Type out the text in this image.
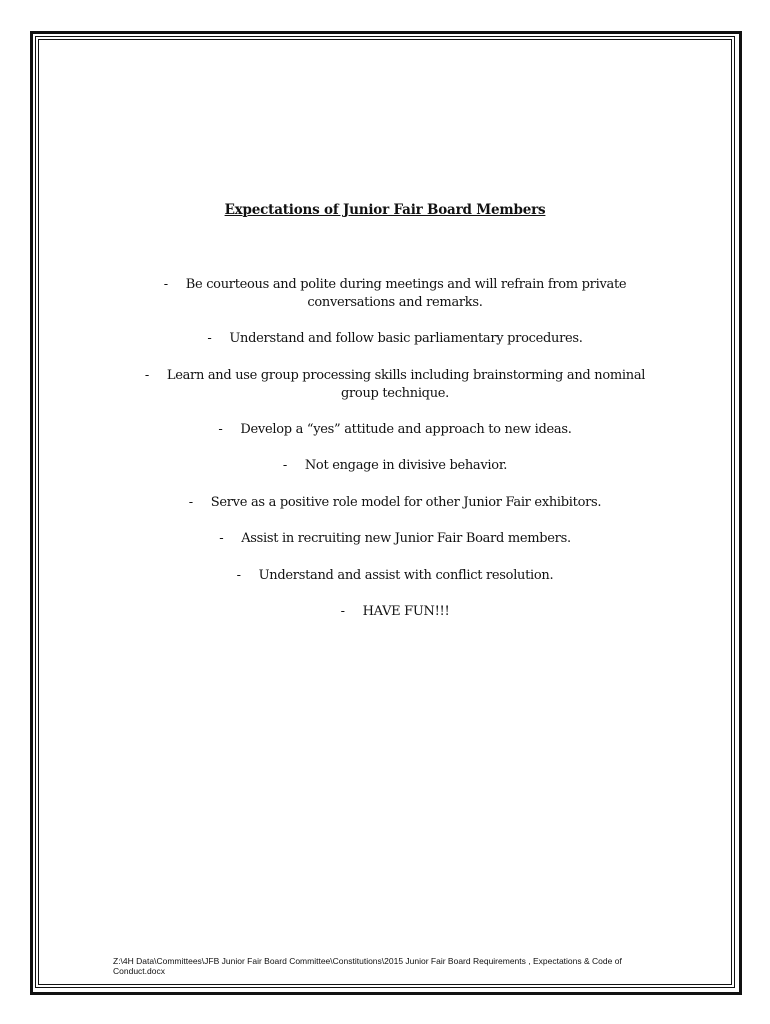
Expectations of Junior Fair Board Members
- Be courteous and polite during meetings and will refrain from private conversations and remarks.
- Understand and follow basic parliamentary procedures.
- Learn and use group processing skills including brainstorming and nominal group technique.
- Develop a “yes” attitude and approach to new ideas.
- Not engage in divisive behavior.
- Serve as a positive role model for other Junior Fair exhibitors.
- Assist in recruiting new Junior Fair Board members.
- Understand and assist with conflict resolution.
- HAVE FUN!!!
Z:\4H Data\Committees\JFB Junior Fair Board Committee\Constitutions\2015 Junior Fair Board Requirements , Expectations & Code of Conduct.docx
